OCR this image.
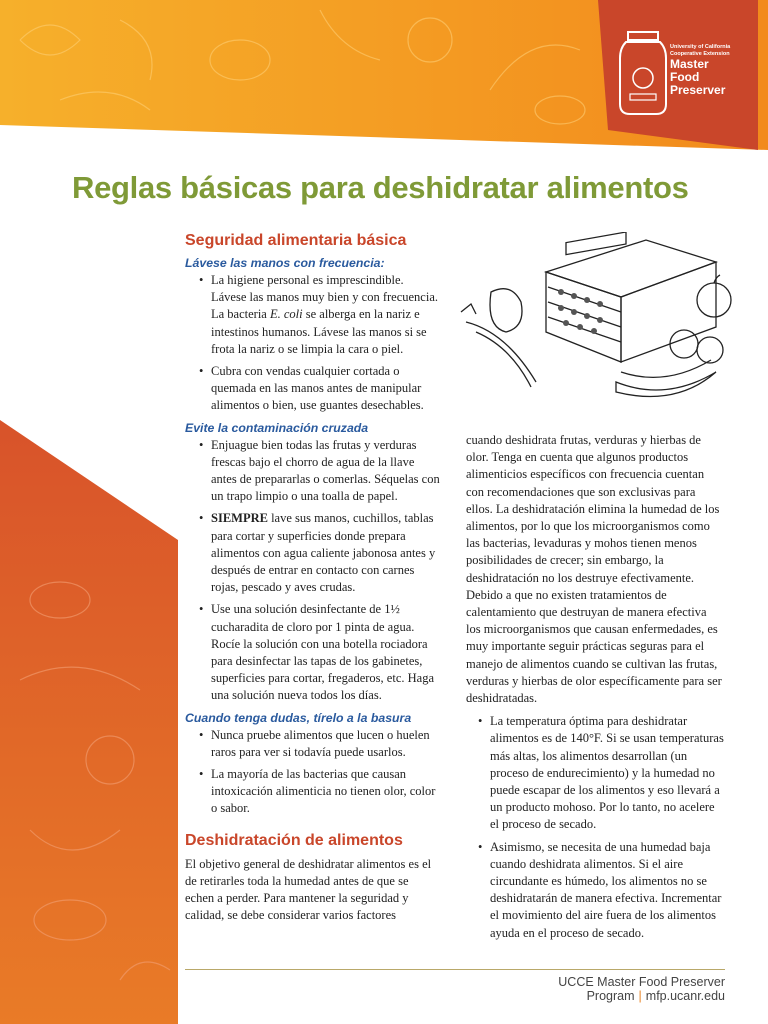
University of California
Cooperative Extension
Master
Food
Preserver
Reglas básicas para deshidratar alimentos
Seguridad alimentaria básica
Lávese las manos con frecuencia:
• La higiene personal es imprescindible. Lávese las manos muy bien y con frecuencia. La bacteria E. coli se alberga en la nariz e intestinos humanos. Lávese las manos si se frota la nariz o se limpia la cara o piel.
• Cubra con vendas cualquier cortada o quemada en las manos antes de manipular alimentos o bien, use guantes desechables.
Evite la contaminación cruzada
• Enjuague bien todas las frutas y verduras frescas bajo el chorro de agua de la llave antes de prepararlas o comerlas. Séquelas con un trapo limpio o una toalla de papel.
• SIEMPRE lave sus manos, cuchillos, tablas para cortar y superficies donde prepara alimentos con agua caliente jabonosa antes y después de entrar en contacto con carnes rojas, pescado y aves crudas.
• Use una solución desinfectante de 1½ cucharadita de cloro por 1 pinta de agua. Rocíe la solución con una botella rociadora para desinfectar las tapas de los gabinetes, superficies para cortar, fregaderos, etc. Haga una solución nueva todos los días.
Cuando tenga dudas, tírelo a la basura
• Nunca pruebe alimentos que lucen o huelen raros para ver si todavía puede usarlos.
• La mayoría de las bacterias que causan intoxicación alimenticia no tienen olor, color o sabor.
Deshidratación de alimentos

El objetivo general de deshidratar alimentos es el de retirarles toda la humedad antes de que se echen a perder. Para mantener la seguridad y calidad, se debe considerar varios factores

cuando deshidrata frutas, verduras y hierbas de olor. Tenga en cuenta que algunos productos alimenticios específicos con frecuencia cuentan con recomendaciones que son exclusivas para ellos. La deshidratación elimina la humedad de los alimentos, por lo que los microorganismos como las bacterias, levaduras y mohos tienen menos posibilidades de crecer; sin embargo, la deshidratación no los destruye efectivamente. Debido a que no existen tratamientos de calentamiento que destruyan de manera efectiva los microorganismos que causan enfermedades, es muy importante seguir prácticas seguras para el manejo de alimentos cuando se cultivan las frutas, verduras y hierbas de olor específicamente para ser deshidratadas.

• La temperatura óptima para deshidratar alimentos es de 140°F. Si se usan temperaturas más altas, los alimentos desarrollan (un proceso de endurecimiento) y la humedad no puede escapar de los alimentos y eso llevará a un producto mohoso. Por lo tanto, no acelere el proceso de secado.
• Asimismo, se necesita de una humedad baja cuando deshidrata alimentos. Si el aire circundante es húmedo, los alimentos no se deshidratarán de manera efectiva. Incrementar el movimiento del aire fuera de los alimentos ayuda en el proceso de secado.
UCCE Master Food Preserver Program | mfp.ucanr.edu
